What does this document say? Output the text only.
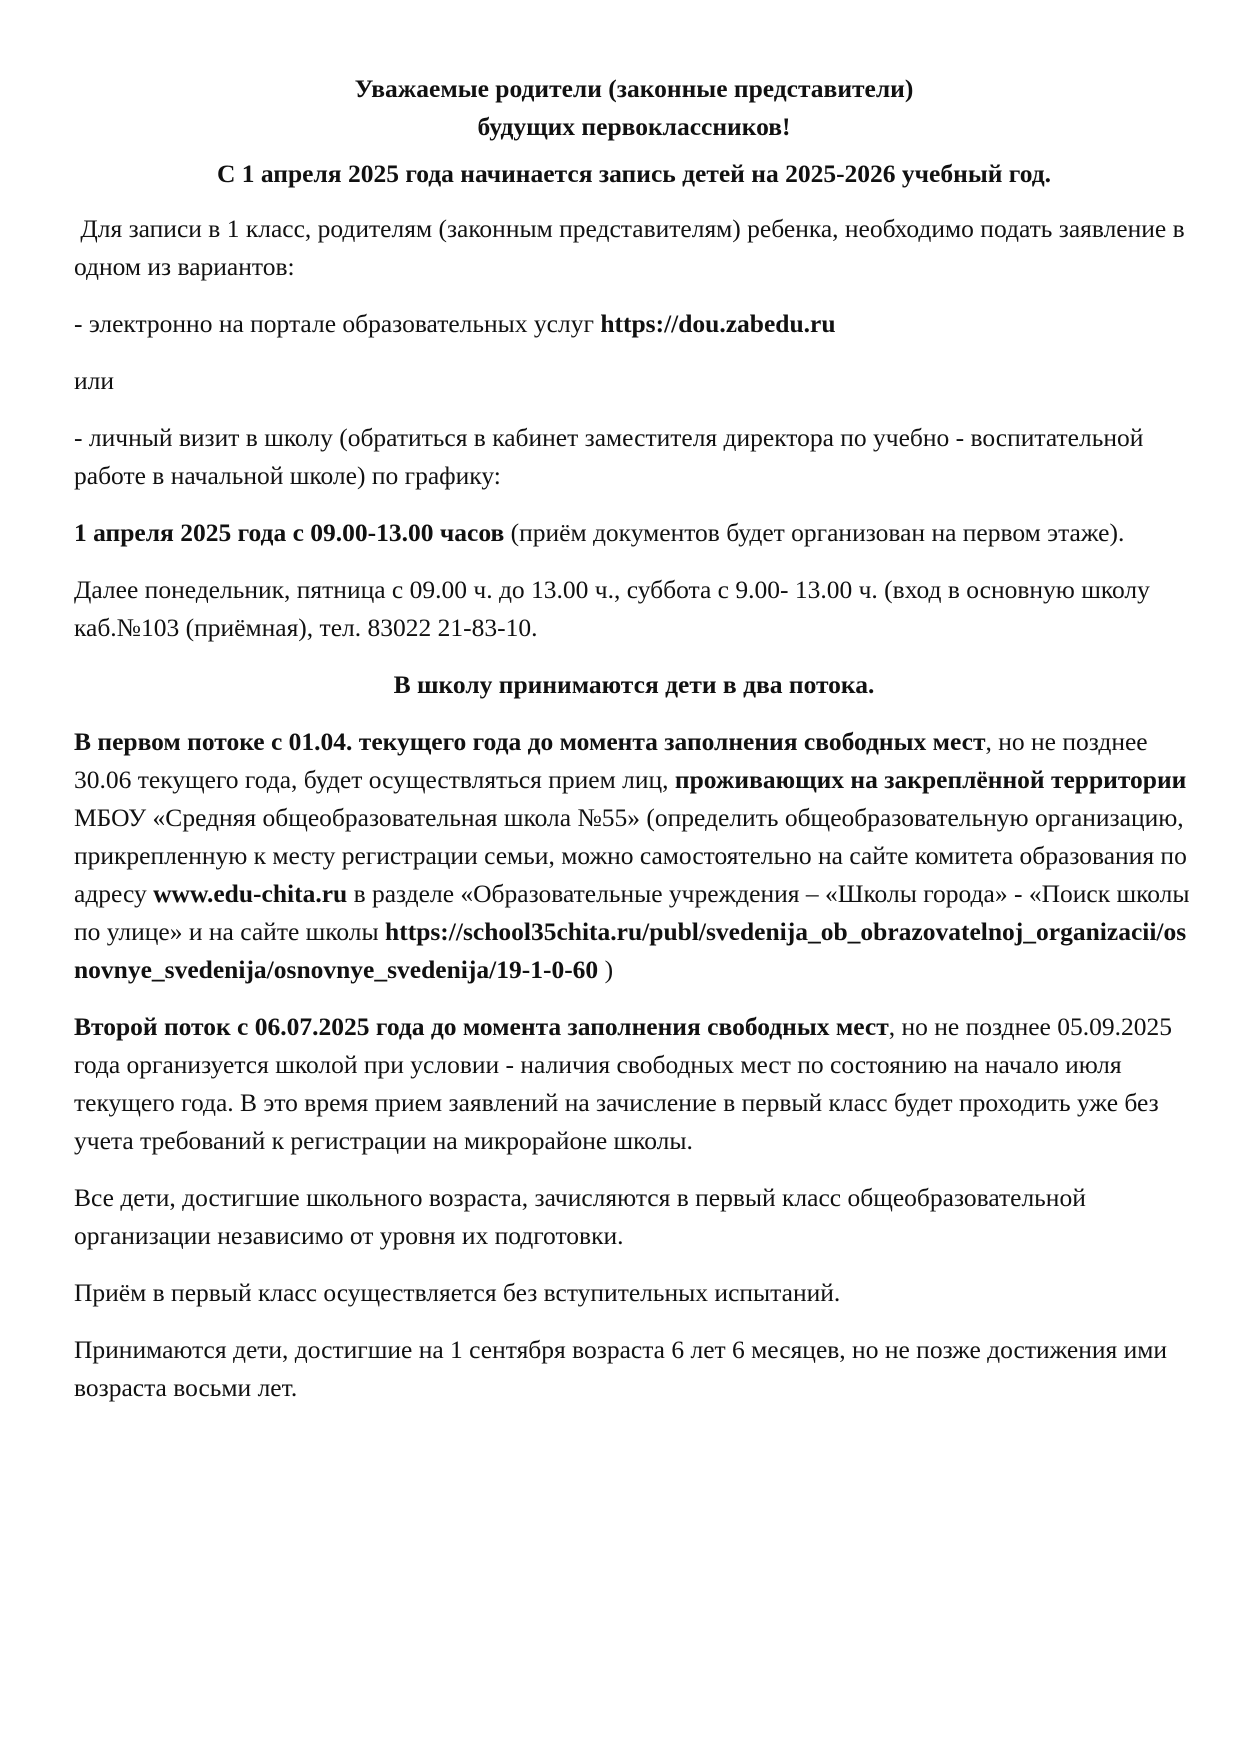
Уважаемые родители (законные представители)
будущих первоклассников!

С 1 апреля 2025 года начинается запись детей на 2025-2026 учебный год.

Для записи в 1 класс, родителям (законным представителям) ребенка, необходимо подать заявление в одном из вариантов:

- электронно на портале образовательных услуг https://dou.zabedu.ru

или

- личный визит в школу (обратиться в кабинет заместителя директора по учебно - воспитательной работе в начальной школе) по графику:

1 апреля 2025 года с 09.00-13.00 часов (приём документов будет организован на первом этаже).

Далее понедельник, пятница с 09.00 ч. до 13.00 ч., суббота с 9.00- 13.00 ч. (вход в основную школу каб.№103 (приёмная), тел. 83022 21-83-10.

В школу принимаются дети в два потока.

В первом потоке с 01.04. текущего года до момента заполнения свободных мест, но не позднее 30.06 текущего года, будет осуществляться прием лиц, проживающих на закреплённой территории МБОУ «Средняя общеобразовательная школа №55» (определить общеобразовательную организацию, прикрепленную к месту регистрации семьи, можно самостоятельно на сайте комитета образования по адресу www.edu-chita.ru в разделе «Образовательные учреждения – «Школы города» - «Поиск школы по улице» и на сайте школы https://school35chita.ru/publ/svedenija_ob_obrazovatelnoj_organizacii/osnovnye_svedenija/osnovnye_svedenija/19-1-0-60 )

Второй поток с 06.07.2025 года до момента заполнения свободных мест, но не позднее 05.09.2025 года организуется школой при условии - наличия свободных мест по состоянию на начало июля текущего года. В это время прием заявлений на зачисление в первый класс будет проходить уже без учета требований к регистрации на микрорайоне школы.

Все дети, достигшие школьного возраста, зачисляются в первый класс общеобразовательной организации независимо от уровня их подготовки.

Приём в первый класс осуществляется без вступительных испытаний.

Принимаются дети, достигшие на 1 сентября возраста 6 лет 6 месяцев, но не позже достижения ими возраста восьми лет.
